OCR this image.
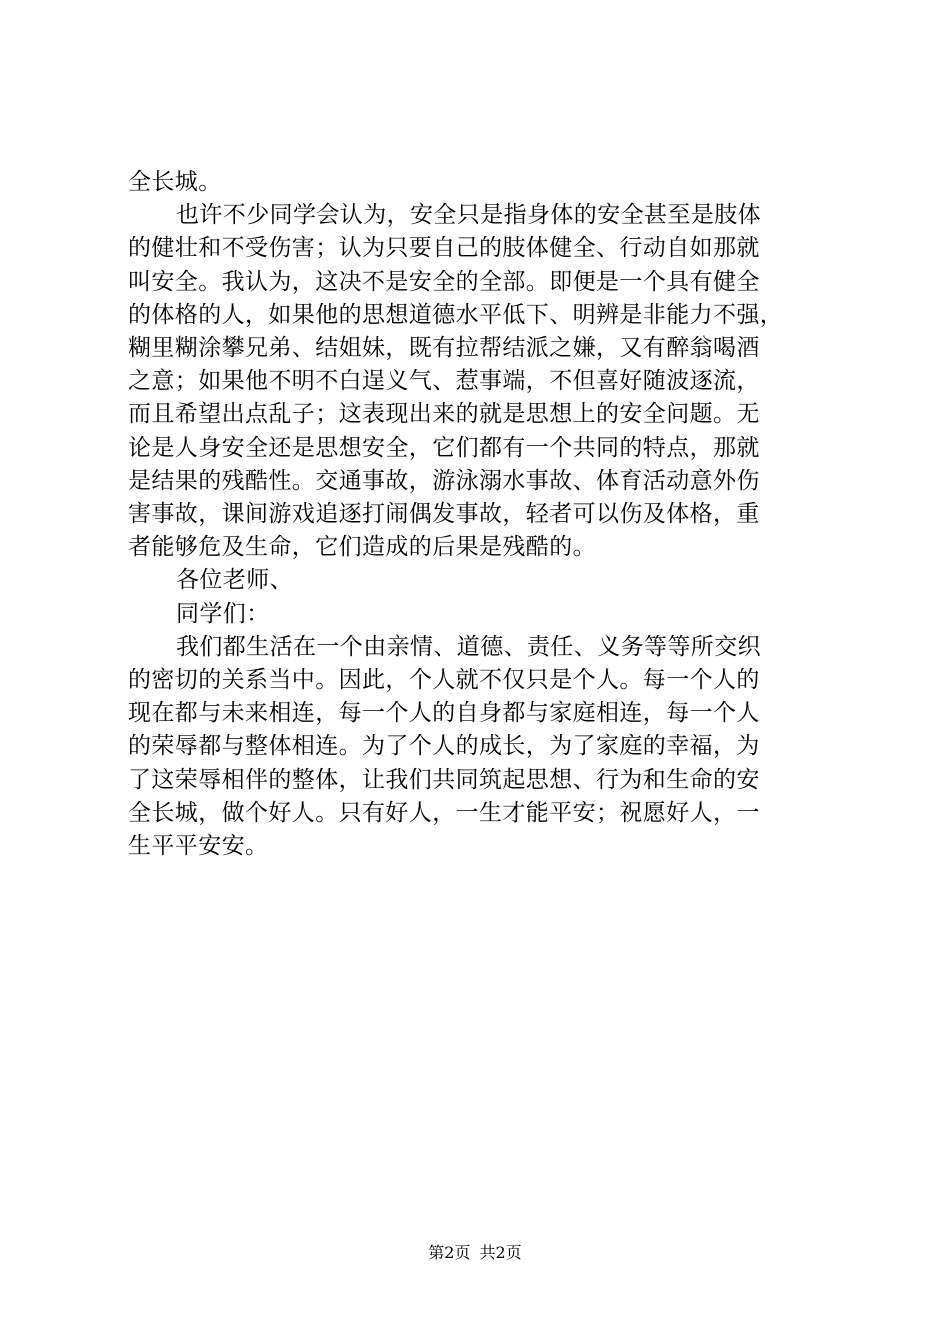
全长城。
也许不少同学会认为，安全只是指身体的安全甚至是肢体
的健壮和不受伤害；认为只要自己的肢体健全、行动自如那就
叫安全。我认为，这决不是安全的全部。即便是一个具有健全
的体格的人，如果他的思想道德水平低下、明辨是非能力不强，
糊里糊涂攀兄弟、结姐妹，既有拉帮结派之嫌，又有醉翁喝酒
之意；如果他不明不白逞义气、惹事端，不但喜好随波逐流，
而且希望出点乱子；这表现出来的就是思想上的安全问题。无
论是人身安全还是思想安全，它们都有一个共同的特点，那就
是结果的残酷性。交通事故，游泳溺水事故、体育活动意外伤
害事故，课间游戏追逐打闹偶发事故，轻者可以伤及体格，重
者能够危及生命，它们造成的后果是残酷的。
各位老师、
同学们：
我们都生活在一个由亲情、道德、责任、义务等等所交织
的密切的关系当中。因此，个人就不仅只是个人。每一个人的
现在都与未来相连，每一个人的自身都与家庭相连，每一个人
的荣辱都与整体相连。为了个人的成长，为了家庭的幸福，为
了这荣辱相伴的整体，让我们共同筑起思想、行为和生命的安
全长城，做个好人。只有好人，一生才能平安；祝愿好人，一
生平平安安。
第2页 共2页
